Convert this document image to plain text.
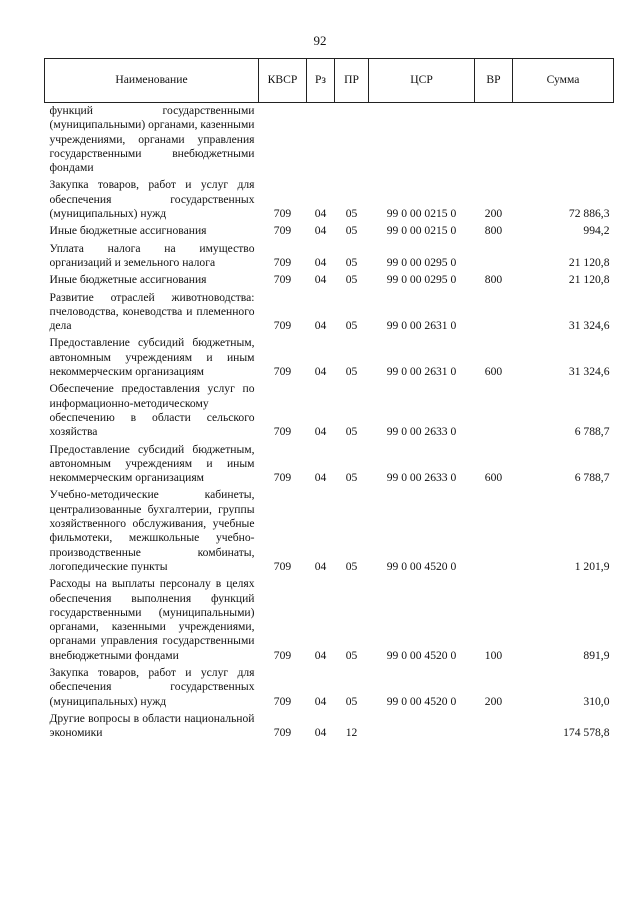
92
Наименование	КВСР	Рз	ПР	ЦСР	ВР	Сумма
функций государственными (муниципальными) органами, казенными учреждениями, органами управления государственными внебюджетными фондами						
Закупка товаров, работ и услуг для обеспечения государственных (муниципальных) нужд	709	04	05	99 0 00 0215 0	200	72 886,3
Иные бюджетные ассигнования	709	04	05	99 0 00 0215 0	800	994,2
Уплата налога на имущество организаций и земельного налога	709	04	05	99 0 00 0295 0		21 120,8
Иные бюджетные ассигнования	709	04	05	99 0 00 0295 0	800	21 120,8
Развитие отраслей животноводства: пчеловодства, коневодства и племенного дела	709	04	05	99 0 00 2631 0		31 324,6
Предоставление субсидий бюджетным, автономным учреждениям и иным некоммерческим организациям	709	04	05	99 0 00 2631 0	600	31 324,6
Обеспечение предоставления услуг по информационно-методическому обеспечению в области сельского хозяйства	709	04	05	99 0 00 2633 0		6 788,7
Предоставление субсидий бюджетным, автономным учреждениям и иным некоммерческим организациям	709	04	05	99 0 00 2633 0	600	6 788,7
Учебно-методические кабинеты, централизованные бухгалтерии, группы хозяйственного обслуживания, учебные фильмотеки, межшкольные учебно-производственные комбинаты, логопедические пункты	709	04	05	99 0 00 4520 0		1 201,9
Расходы на выплаты персоналу в целях обеспечения выполнения функций государственными (муниципальными) органами, казенными учреждениями, органами управления государственными внебюджетными фондами	709	04	05	99 0 00 4520 0	100	891,9
Закупка товаров, работ и услуг для обеспечения государственных (муниципальных) нужд	709	04	05	99 0 00 4520 0	200	310,0
Другие вопросы в области национальной экономики	709	04	12			174 578,8
